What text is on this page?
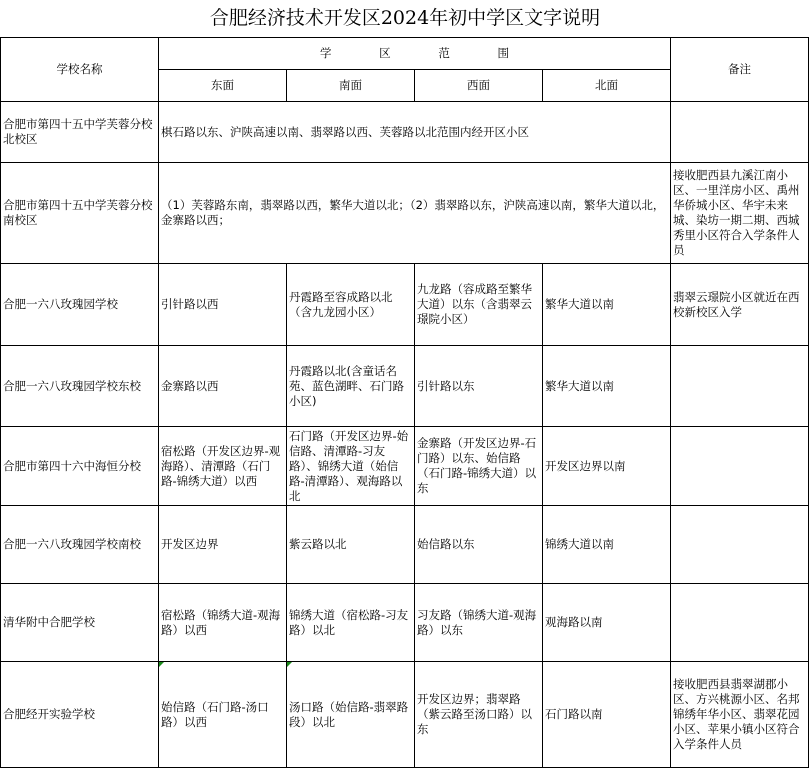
合肥经济技术开发区2024年初中学区文字说明
学校名称	学 区 范 围				备注
	东面	南面	西面	北面	
合肥市第四十五中学芙蓉分校北校区	棋石路以东、沪陕高速以南、翡翠路以西、芙蓉路以北范围内经开区小区				
合肥市第四十五中学芙蓉分校南校区	（1）芙蓉路东南，翡翠路以西，繁华大道以北；（2）翡翠路以东，沪陕高速以南，繁华大道以北，金寨路以西；				接收肥西县九溪江南小区、一里洋房小区、禹州华侨城小区、华宇未来城、染坊一期二期、西城秀里小区符合入学条件人员
合肥一六八玫瑰园学校	引针路以西	丹霞路至容成路以北（含九龙园小区）	九龙路（容成路至繁华大道）以东（含翡翠云璟院小区）	繁华大道以南	翡翠云璟院小区就近在西校新校区入学
合肥一六八玫瑰园学校东校	金寨路以西	丹霞路以北(含童话名苑、蓝色湖畔、石门路小区)	引针路以东	繁华大道以南	
合肥市第四十六中海恒分校	宿松路（开发区边界-观海路）、清潭路（石门路-锦绣大道）以西	石门路（开发区边界-始信路、清潭路-习友路）、锦绣大道（始信路-清潭路）、观海路以北	金寨路（开发区边界-石门路）以东、始信路（石门路-锦绣大道）以东	开发区边界以南	
合肥一六八玫瑰园学校南校	开发区边界	紫云路以北	始信路以东	锦绣大道以南	
清华附中合肥学校	宿松路（锦绣大道-观海路）以西	锦绣大道（宿松路-习友路）以北	习友路（锦绣大道-观海路）以东	观海路以南	
合肥经开实验学校	始信路（石门路-汤口路）以西	汤口路（始信路-翡翠路段）以北	开发区边界；翡翠路（紫云路至汤口路）以东	石门路以南	接收肥西县翡翠湖郡小区、方兴桃源小区、名邦锦绣年华小区、翡翠花园小区、苹果小镇小区符合入学条件人员
